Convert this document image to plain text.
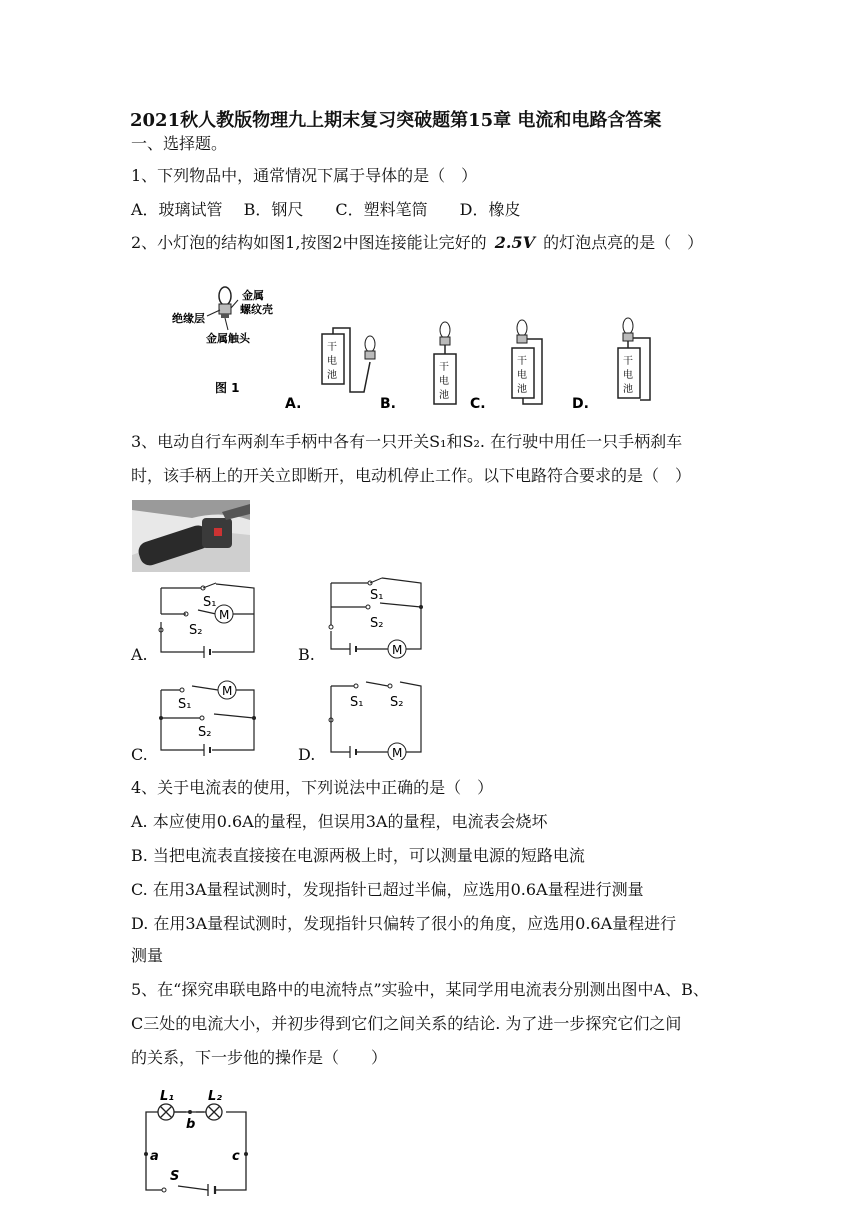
2021秋人教版物理九上期末复习突破题第15章 电流和电路含答案
一、选择题。
1、下列物品中，通常情况下属于导体的是（　）
A．玻璃试管　 B．钢尺　　C．塑料笔筒　　D．橡皮
2、小灯泡的结构如图1,按图2中图连接能让完好的 2.5V 的灯泡点亮的是（　）
绝缘层
金属
螺纹壳
金属触头
图 1
干
电
池
A.
干
电
池
B.
干
电
池
C.
干
电
池
D.
3、电动自行车两刹车手柄中各有一只开关S₁和S₂. 在行驶中用任一只手柄刹车
时，该手柄上的开关立即断开，电动机停止工作。以下电路符合要求的是（　）
A.
M
S₁
S₂
B.	M
S₁
S₂
C.
M
S₁
S₂
D.	M
S₁ S₂
4、关于电流表的使用，下列说法中正确的是（　）
A. 本应使用0.6A的量程，但误用3A的量程，电流表会烧坏
B. 当把电流表直接接在电源两极上时，可以测量电源的短路电流
C. 在用3A量程试测时，发现指针已超过半偏，应选用0.6A量程进行测量
D. 在用3A量程试测时，发现指针只偏转了很小的角度，应选用0.6A量程进行
测量
5、在“探究串联电路中的电流特点”实验中，某同学用电流表分别测出图中A、B、
C三处的电流大小，并初步得到它们之间关系的结论. 为了进一步探究它们之间
的关系，下一步他的操作是（　　）
L₁	L₂
b
a	c
S
